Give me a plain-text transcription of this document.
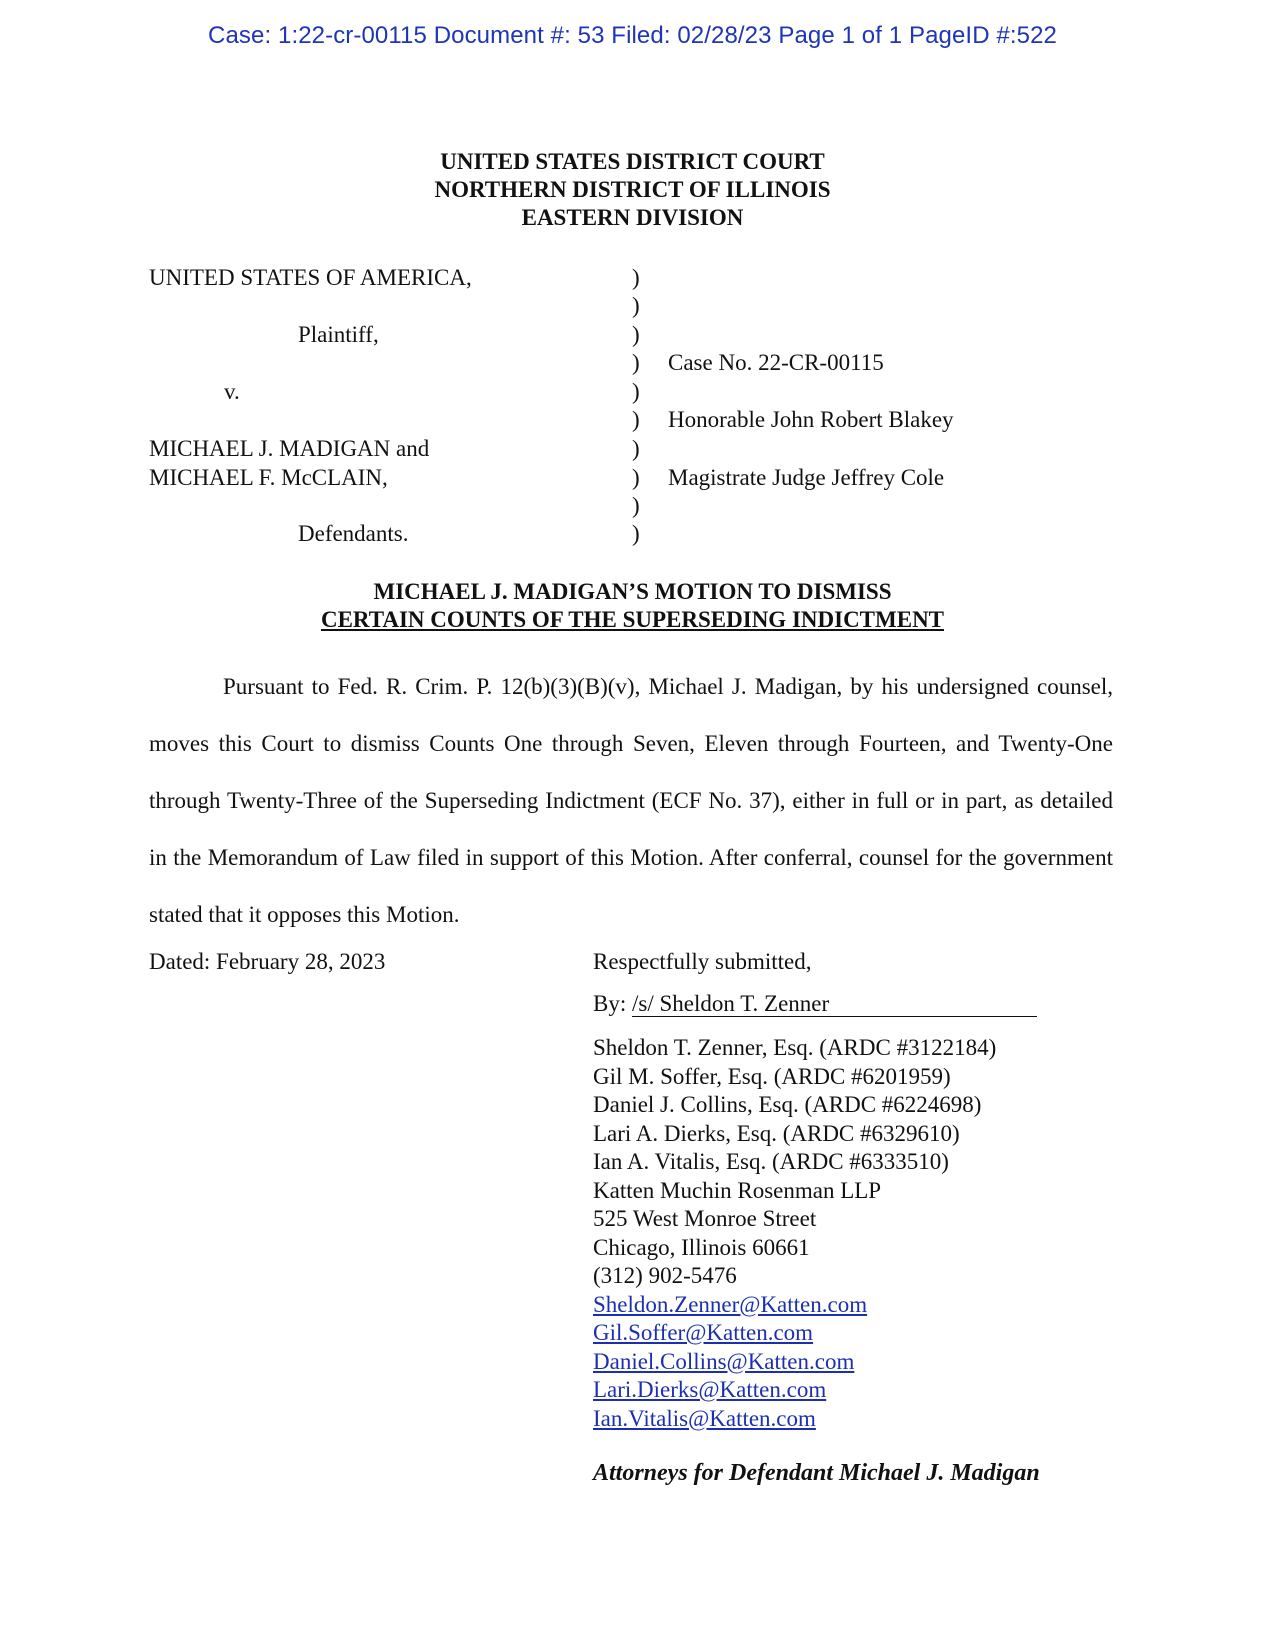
Case: 1:22-cr-00115 Document #: 53 Filed: 02/28/23 Page 1 of 1 PageID #:522
UNITED STATES DISTRICT COURT
NORTHERN DISTRICT OF ILLINOIS
EASTERN DIVISION
UNITED STATES OF AMERICA,
Plaintiff,
v.
MICHAEL J. MADIGAN and
MICHAEL F. McCLAIN,
Defendants.
)
)
)
)
)
)
)
)
)
)
Case No. 22-CR-00115
Honorable John Robert Blakey
Magistrate Judge Jeffrey Cole
MICHAEL J. MADIGAN’S MOTION TO DISMISS
CERTAIN COUNTS OF THE SUPERSEDING INDICTMENT

Pursuant to Fed. R. Crim. P. 12(b)(3)(B)(v), Michael J. Madigan, by his undersigned counsel, moves this Court to dismiss Counts One through Seven, Eleven through Fourteen, and Twenty-One through Twenty-Three of the Superseding Indictment (ECF No. 37), either in full or in part, as detailed in the Memorandum of Law filed in support of this Motion. After conferral, counsel for the government stated that it opposes this Motion.

Dated: February 28, 2023	Respectfully submitted,
By: /s/ Sheldon T. Zenner
Sheldon T. Zenner, Esq. (ARDC #3122184)
Gil M. Soffer, Esq. (ARDC #6201959)
Daniel J. Collins, Esq. (ARDC #6224698)
Lari A. Dierks, Esq. (ARDC #6329610)
Ian A. Vitalis, Esq. (ARDC #6333510)
Katten Muchin Rosenman LLP
525 West Monroe Street
Chicago, Illinois 60661
(312) 902-5476
Sheldon.Zenner@Katten.com
Gil.Soffer@Katten.com
Daniel.Collins@Katten.com
Lari.Dierks@Katten.com
Ian.Vitalis@Katten.com
Attorneys for Defendant Michael J. Madigan
